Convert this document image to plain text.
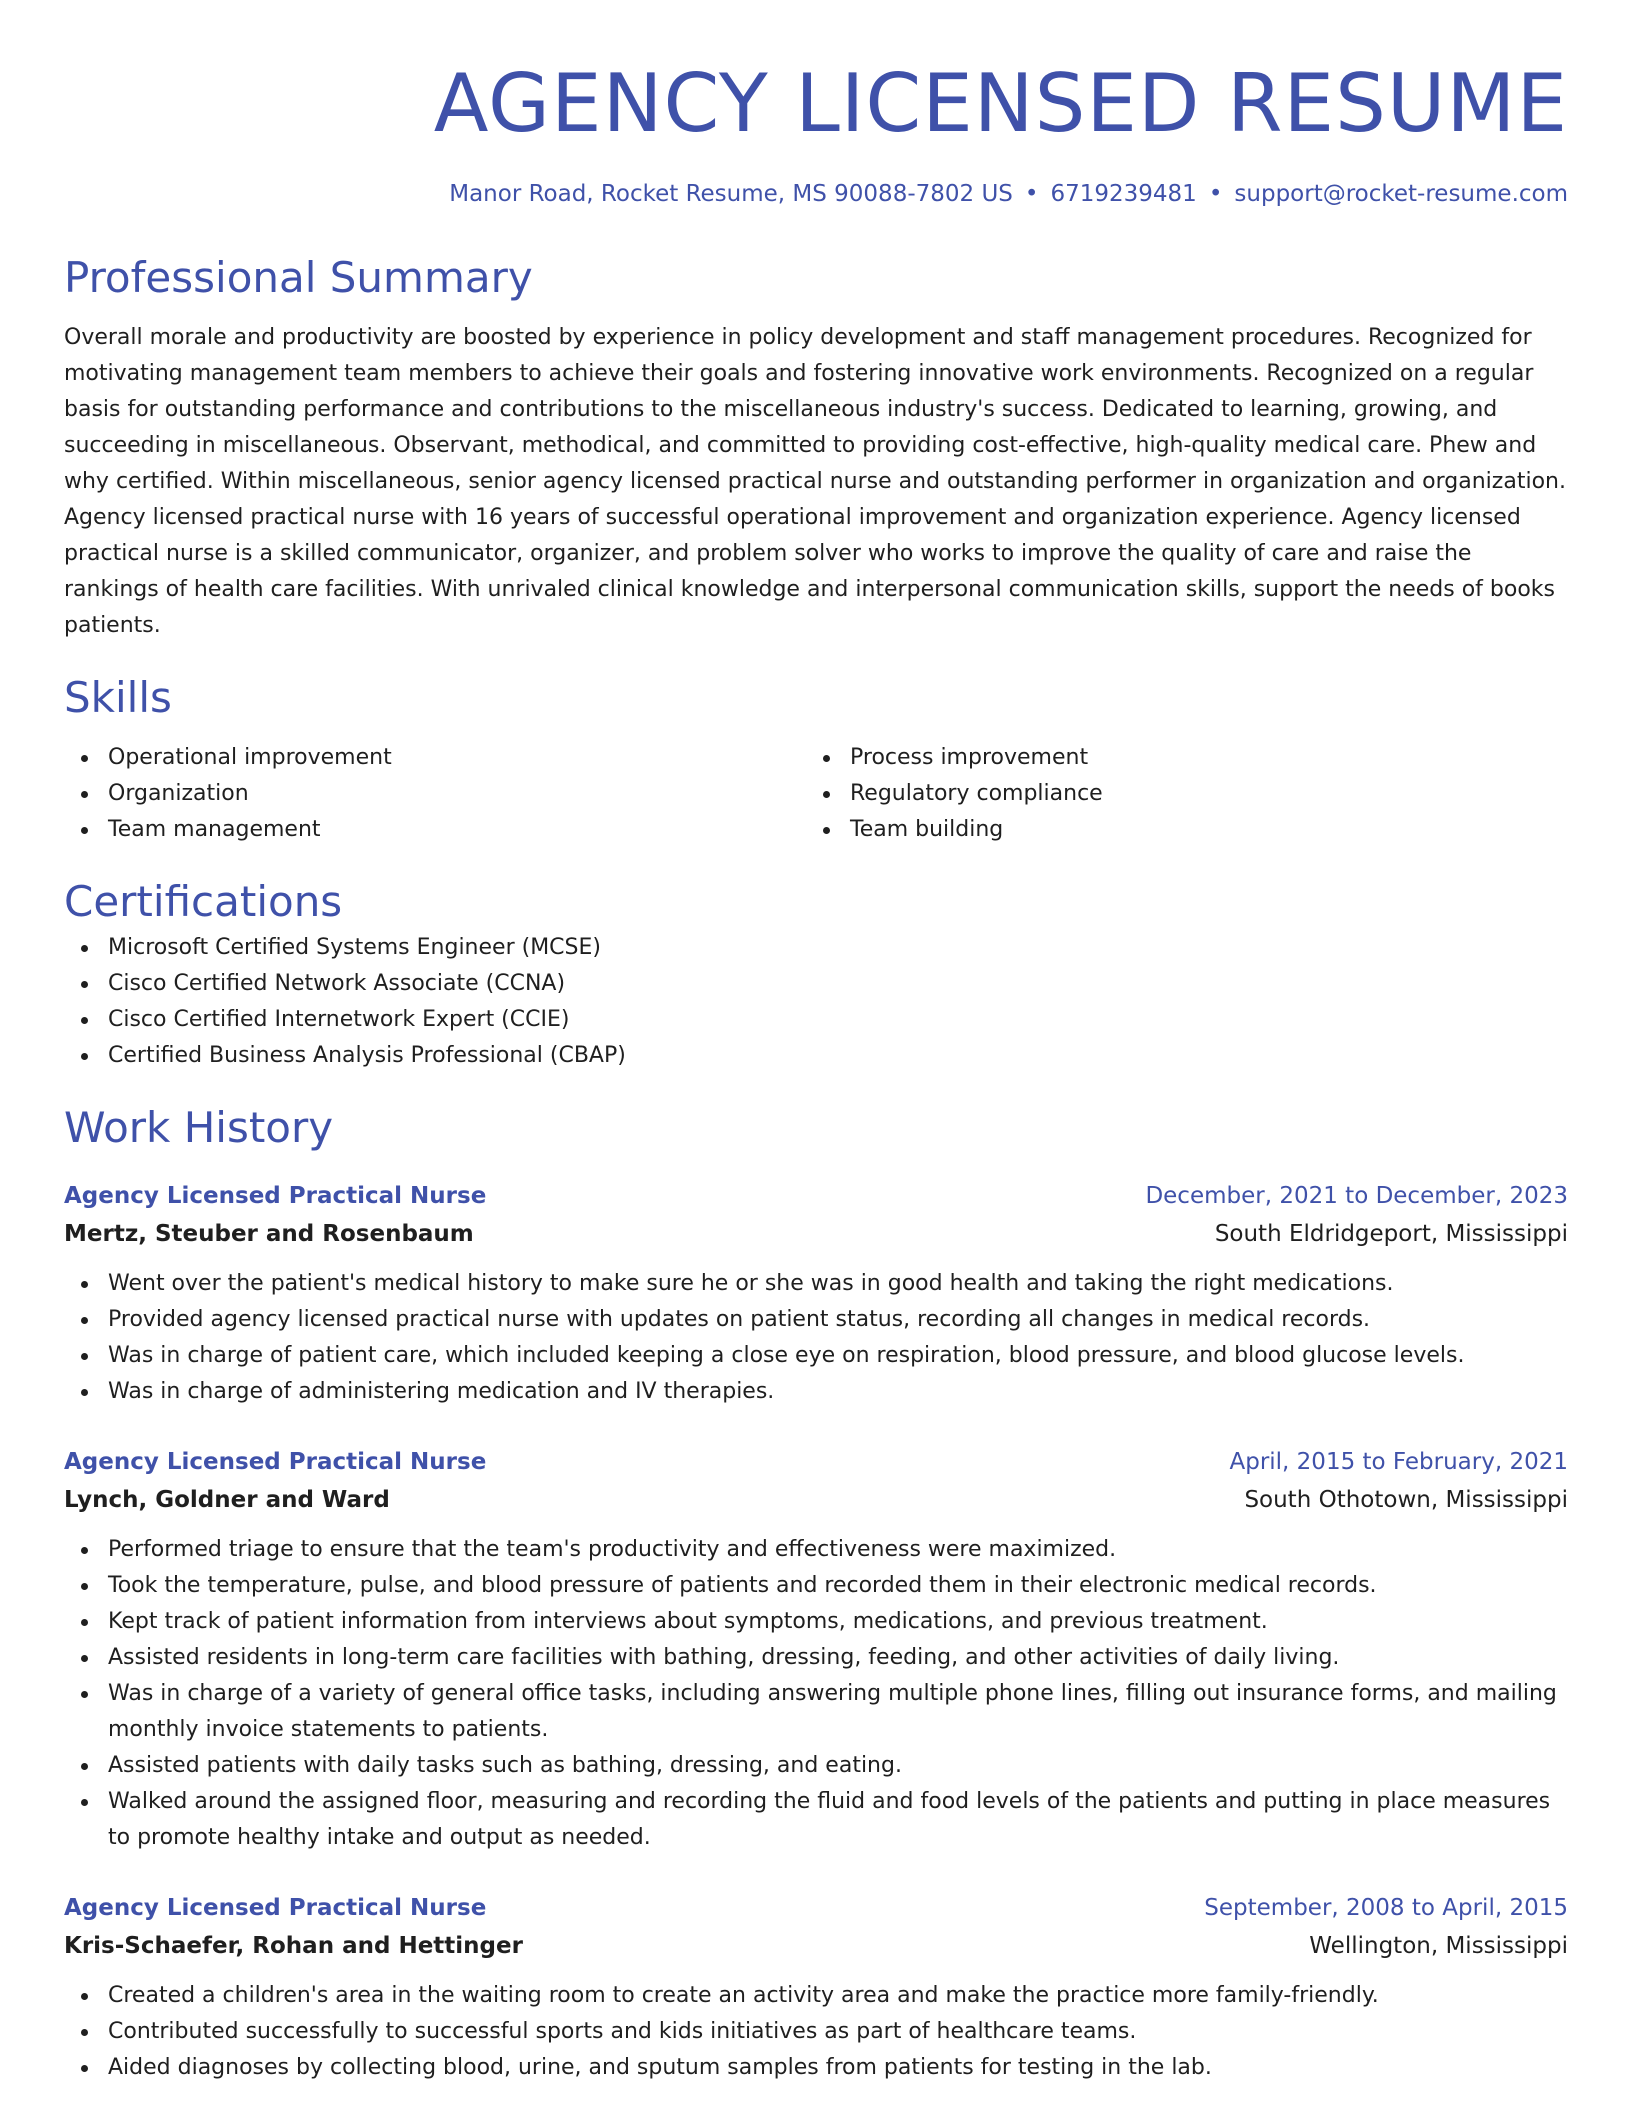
AGENCY LICENSED RESUME
Manor Road, Rocket Resume, MS 90088-7802 US • 6719239481 • support@rocket-resume.com
Professional Summary

Overall morale and productivity are boosted by experience in policy development and staff management procedures. Recognized for motivating management team members to achieve their goals and fostering innovative work environments. Recognized on a regular basis for outstanding performance and contributions to the miscellaneous industry's success. Dedicated to learning, growing, and succeeding in miscellaneous. Observant, methodical, and committed to providing cost-effective, high-quality medical care. Phew and why certified. Within miscellaneous, senior agency licensed practical nurse and outstanding performer in organization and organization. Agency licensed practical nurse with 16 years of successful operational improvement and organization experience. Agency licensed practical nurse is a skilled communicator, organizer, and problem solver who works to improve the quality of care and raise the rankings of health care facilities. With unrivaled clinical knowledge and interpersonal communication skills, support the needs of books patients.

Skills
Operational improvement
Organization
Team management
Process improvement
Regulatory compliance
Team building
Certifications
Microsoft Certified Systems Engineer (MCSE)
Cisco Certified Network Associate (CCNA)
Cisco Certified Internetwork Expert (CCIE)
Certified Business Analysis Professional (CBAP)
Work History
Agency Licensed Practical Nurse	December, 2021 to December, 2023
Mertz, Steuber and Rosenbaum	South Eldridgeport, Mississippi
Went over the patient's medical history to make sure he or she was in good health and taking the right medications.
Provided agency licensed practical nurse with updates on patient status, recording all changes in medical records.
Was in charge of patient care, which included keeping a close eye on respiration, blood pressure, and blood glucose levels.
Was in charge of administering medication and IV therapies.
Agency Licensed Practical Nurse	April, 2015 to February, 2021
Lynch, Goldner and Ward	South Othotown, Mississippi
Performed triage to ensure that the team's productivity and effectiveness were maximized.
Took the temperature, pulse, and blood pressure of patients and recorded them in their electronic medical records.
Kept track of patient information from interviews about symptoms, medications, and previous treatment.
Assisted residents in long-term care facilities with bathing, dressing, feeding, and other activities of daily living.
Was in charge of a variety of general office tasks, including answering multiple phone lines, filling out insurance forms, and mailing monthly invoice statements to patients.
Assisted patients with daily tasks such as bathing, dressing, and eating.
Walked around the assigned floor, measuring and recording the fluid and food levels of the patients and putting in place measures to promote healthy intake and output as needed.
Agency Licensed Practical Nurse	September, 2008 to April, 2015
Kris-Schaefer, Rohan and Hettinger	Wellington, Mississippi
Created a children's area in the waiting room to create an activity area and make the practice more family-friendly.
Contributed successfully to successful sports and kids initiatives as part of healthcare teams.
Aided diagnoses by collecting blood, urine, and sputum samples from patients for testing in the lab.
